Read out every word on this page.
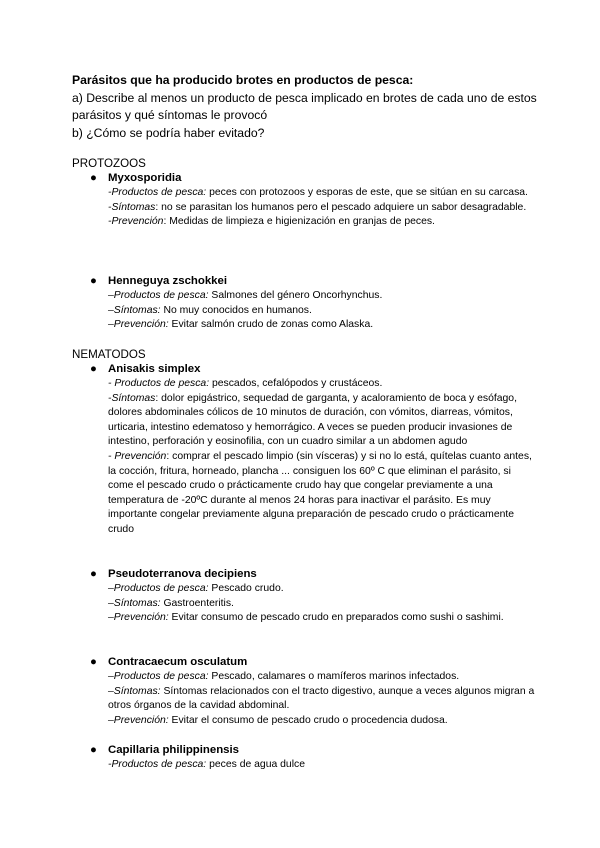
Parásitos que ha producido brotes en productos de pesca:
a) Describe al menos un producto de pesca implicado en brotes de cada uno de estos parásitos y qué síntomas le provocó
b) ¿Cómo se podría haber evitado?
PROTOZOOS
● Myxosporidia

-Productos de pesca: peces con protozoos y esporas de este, que se sitúan en su carcasa.

-Síntomas: no se parasitan los humanos pero el pescado adquiere un sabor desagradable.

-Prevención: Medidas de limpieza e higienización en granjas de peces.

● Henneguya zschokkei

–Productos de pesca: Salmones del género Oncorhynchus.

–Síntomas: No muy conocidos en humanos.

–Prevención: Evitar salmón crudo de zonas como Alaska.

NEMATODOS
● Anisakis simplex

- Productos de pesca: pescados, cefalópodos y crustáceos.

-Síntomas: dolor epigástrico, sequedad de garganta, y acaloramiento de boca y esófago, dolores abdominales cólicos de 10 minutos de duración, con vómitos, diarreas, vómitos, urticaria, intestino edematoso y hemorrágico. A veces se pueden producir invasiones de intestino, perforación y eosinofilia, con un cuadro similar a un abdomen agudo

- Prevención: comprar el pescado limpio (sin vísceras) y si no lo está, quítelas cuanto antes, la cocción, fritura, horneado, plancha ... consiguen los 60º C que eliminan el parásito, si come el pescado crudo o prácticamente crudo hay que congelar previamente a una temperatura de -20ºC durante al menos 24 horas para inactivar el parásito. Es muy importante congelar previamente alguna preparación de pescado crudo o prácticamente crudo

● Pseudoterranova decipiens

–Productos de pesca: Pescado crudo.

–Síntomas: Gastroenteritis.

–Prevención: Evitar consumo de pescado crudo en preparados como sushi o sashimi.

● Contracaecum osculatum

–Productos de pesca: Pescado, calamares o mamíferos marinos infectados.

–Síntomas: Síntomas relacionados con el tracto digestivo, aunque a veces algunos migran a otros órganos de la cavidad abdominal.

–Prevención: Evitar el consumo de pescado crudo o procedencia dudosa.

● Capillaria philippinensis

-Productos de pesca: peces de agua dulce
